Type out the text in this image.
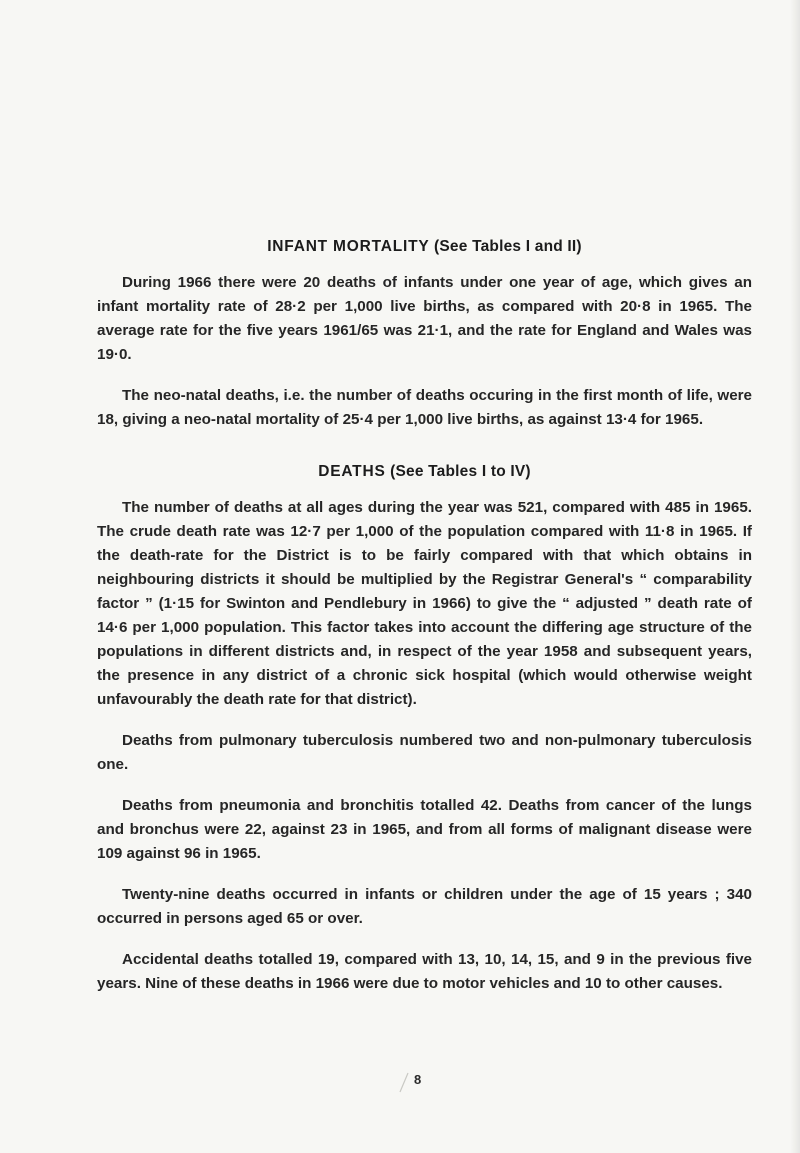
INFANT MORTALITY (See Tables I and II)

During 1966 there were 20 deaths of infants under one year of age, which gives an infant mortality rate of 28·2 per 1,000 live births, as compared with 20·8 in 1965. The average rate for the five years 1961/65 was 21·1, and the rate for England and Wales was 19·0.

The neo-natal deaths, i.e. the number of deaths occuring in the first month of life, were 18, giving a neo-natal mortality of 25·4 per 1,000 live births, as against 13·4 for 1965.

DEATHS (See Tables I to IV)

The number of deaths at all ages during the year was 521, compared with 485 in 1965. The crude death rate was 12·7 per 1,000 of the population compared with 11·8 in 1965. If the death-rate for the District is to be fairly compared with that which obtains in neighbouring districts it should be multiplied by the Registrar General's “ comparability factor ” (1·15 for Swinton and Pendlebury in 1966) to give the “ adjusted ” death rate of 14·6 per 1,000 population. This factor takes into account the differing age structure of the populations in different districts and, in respect of the year 1958 and subsequent years, the presence in any district of a chronic sick hospital (which would otherwise weight unfavourably the death rate for that district).

Deaths from pulmonary tuberculosis numbered two and non-pulmonary tuberculosis one.

Deaths from pneumonia and bronchitis totalled 42. Deaths from cancer of the lungs and bronchus were 22, against 23 in 1965, and from all forms of malignant disease were 109 against 96 in 1965.

Twenty-nine deaths occurred in infants or children under the age of 15 years ; 340 occurred in persons aged 65 or over.

Accidental deaths totalled 19, compared with 13, 10, 14, 15, and 9 in the previous five years. Nine of these deaths in 1966 were due to motor vehicles and 10 to other causes.

8
